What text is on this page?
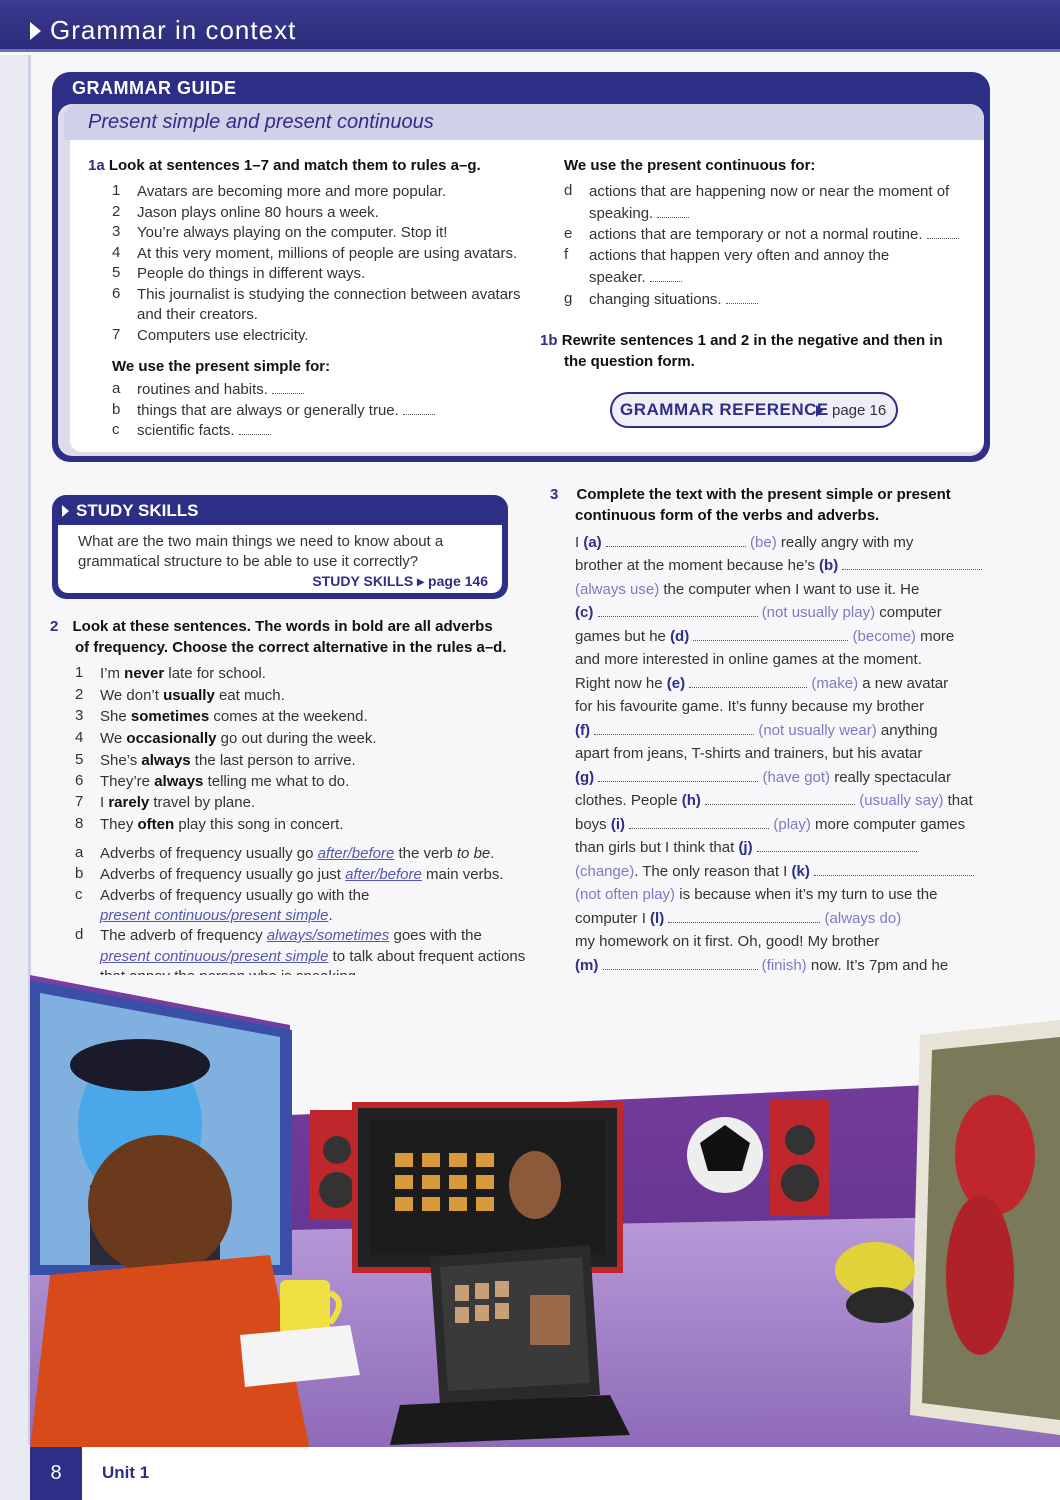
Grammar in context
GRAMMAR GUIDE
Present simple and present continuous
1a Look at sentences 1–7 and match them to rules a–g.
1 Avatars are becoming more and more popular.
2 Jason plays online 80 hours a week.
3 You’re always playing on the computer. Stop it!
4 At this very moment, millions of people are using avatars.
5 People do things in different ways.
6 This journalist is studying the connection between avatars
and their creators.
7 Computers use electricity.
We use the present simple for:
a routines and habits.
b things that are always or generally true.
c scientific facts.
We use the present continuous for:
d actions that are happening now or near the moment of
speaking.
e actions that are temporary or not a normal routine.
f actions that happen very often and annoy the
speaker.
g changing situations.
1b Rewrite sentences 1 and 2 in the negative and then in
the question form.
GRAMMAR REFERENCE page 16
STUDY SKILLS
What are the two main things we need to know about a
grammatical structure to be able to use it correctly?
STUDY SKILLS ▸ page 146
2 Look at these sentences. The words in bold are all adverbs
of frequency. Choose the correct alternative in the rules a–d.
1 I’m never late for school.
2 We don’t usually eat much.
3 She sometimes comes at the weekend.
4 We occasionally go out during the week.
5 She’s always the last person to arrive.
6 They’re always telling me what to do.
7 I rarely travel by plane.
8 They often play this song in concert.
a Adverbs of frequency usually go after/before the verb to be.
b Adverbs of frequency usually go just after/before main verbs.
c Adverbs of frequency usually go with the
present continuous/present simple.
d The adverb of frequency always/sometimes goes with the
present continuous/present simple to talk about frequent actions
3 Complete the text with the present simple or present
continuous form of the verbs and adverbs.
I (a)	(be) really angry with my
brother at the moment because he’s (b)
(always use) the computer when I want to use it. He
(c)	(not usually play) computer
games but he (d)	(become) more
and more interested in online games at the moment.
Right now he (e)	(make) a new avatar
for his favourite game. It’s funny because my brother
(f)	(not usually wear) anything
apart from jeans, T-shirts and trainers, but his avatar
(g)	(have got) really spectacular
clothes. People (h)	(usually say) that
boys (i)	(play) more computer games
than girls but I think that (j)
(change). The only reason that I (k)
(not often play) is because when it’s my turn to use the
computer I (l)	(always do)
my homework on it first. Oh, good! My brother
(m)	(finish) now. It’s 7pm and he
8	Unit 1
